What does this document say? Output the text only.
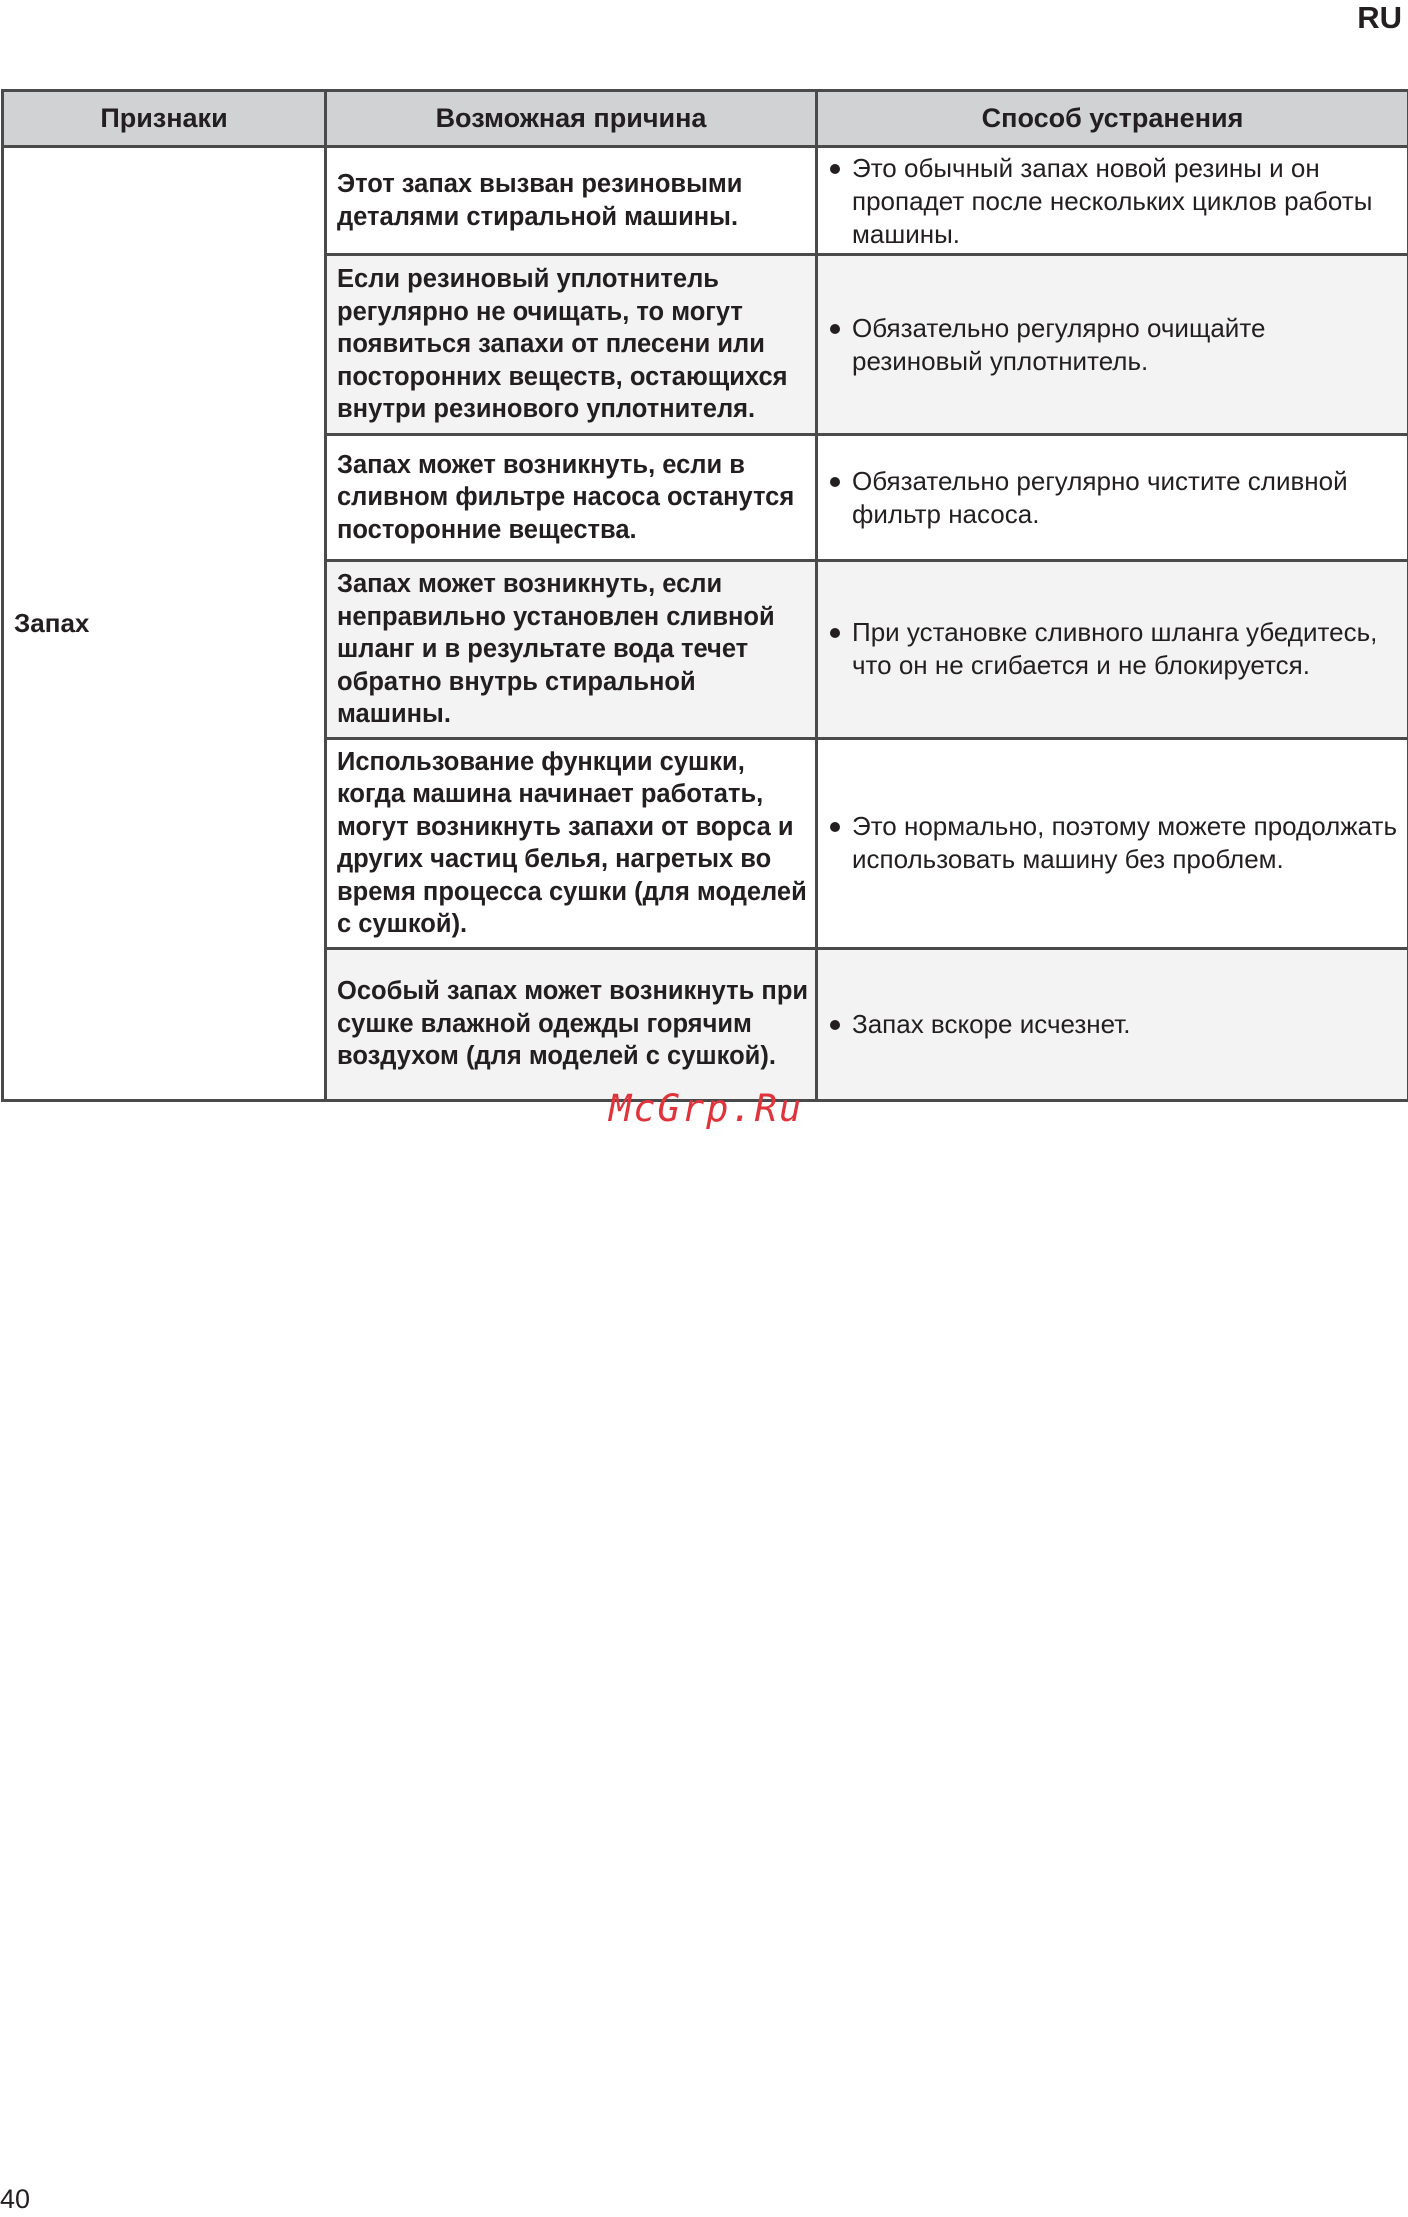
RU
Признаки	Возможная причина	Способ устранения
Запах	Этот запах вызван резиновыми деталями стиральной машины.	Это обычный запах новой резины и он пропадет после нескольких циклов работы машины.

	Если резиновый уплотнитель регулярно не очищать, то могут появиться запахи от плесени или посторонних веществ, остающихся внутри резинового уплотнителя.	Обязательно регулярно очищайте резиновый уплотнитель.

	Запах может возникнуть, если в сливном фильтре насоса останутся посторонние вещества.	Обязательно регулярно чистите сливной фильтр насоса.

	Запах может возникнуть, если неправильно установлен сливной шланг и в результате вода течет обратно внутрь стиральной машины.	При установке сливного шланга убедитесь, что он не сгибается и не блокируется.

	Использование функции сушки, когда машина начинает работать, могут возникнуть запахи от ворса и других частиц белья, нагретых во время процесса сушки (для моделей с сушкой).	Это нормально, поэтому можете продолжать использовать машину без проблем.

	Особый запах может возникнуть при сушке влажной одежды горячим воздухом (для моделей с сушкой).	Запах вскоре исчезнет.
McGrp.Ru
40
